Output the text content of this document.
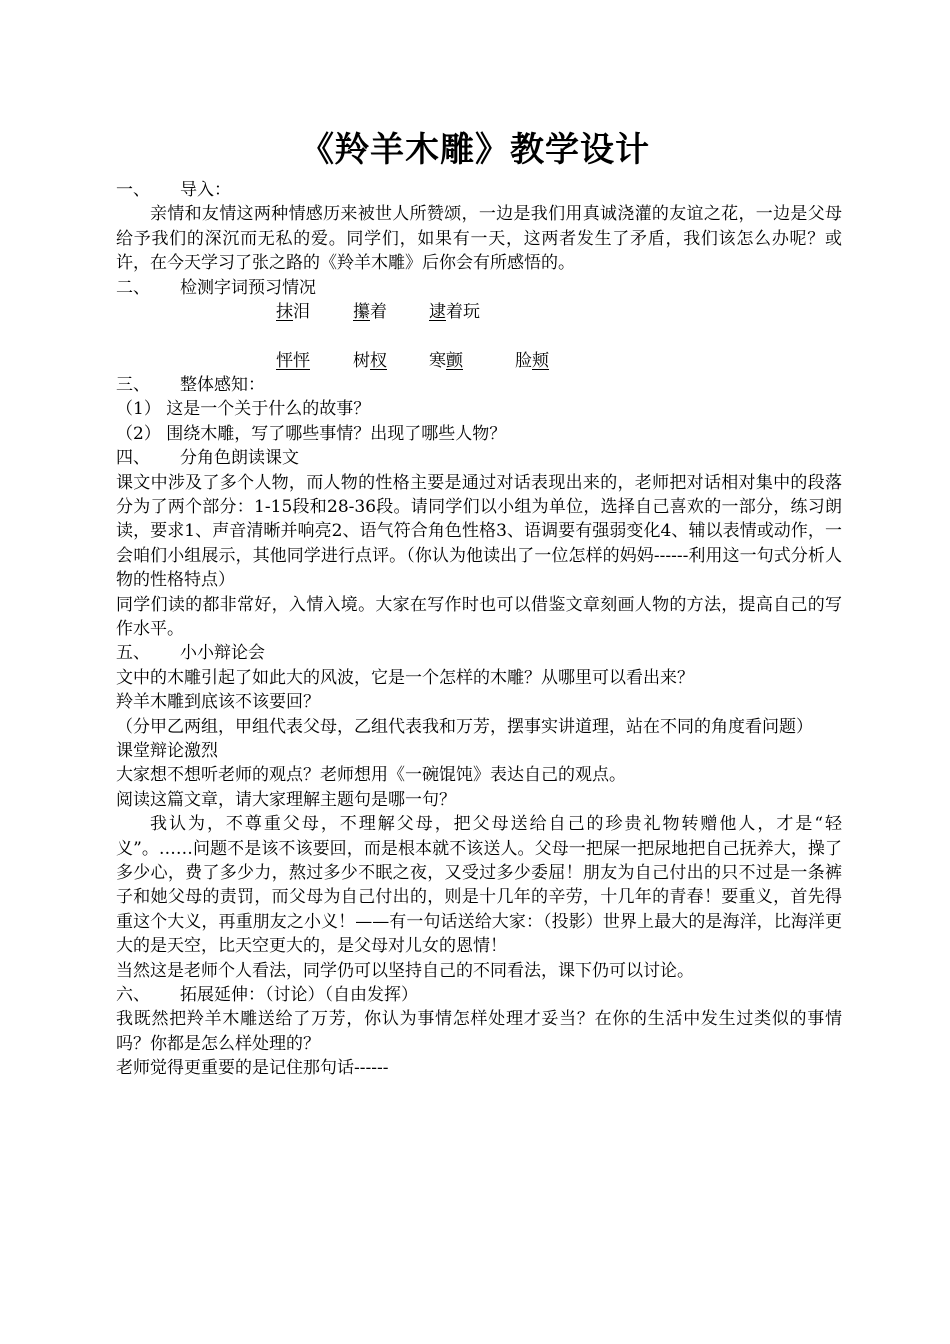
《羚羊木雕》教学设计
一、 导入：
亲情和友情这两种情感历来被世人所赞颂，一边是我们用真诚浇灌的友谊之花，一边是父母给予我们的深沉而无私的爱。同学们，如果有一天，这两者发生了矛盾，我们该怎么办呢？或许，在今天学习了张之路的《羚羊木雕》后你会有所感悟的。
二、 检测字词预习情况
抹泪	攥着 逮着玩
怦怦	树杈 寒颤	脸颊
三、 整体感知：
（1） 这是一个关于什么的故事？
（2） 围绕木雕，写了哪些事情？出现了哪些人物？
四、 分角色朗读课文
课文中涉及了多个人物，而人物的性格主要是通过对话表现出来的，老师把对话相对集中的段落分为了两个部分：1-15段和28-36段。请同学们以小组为单位，选择自己喜欢的一部分，练习朗读，要求1、声音清晰并响亮2、语气符合角色性格3、语调要有强弱变化4、辅以表情或动作，一会咱们小组展示，其他同学进行点评。（你认为他读出了一位怎样的妈妈------利用这一句式分析人物的性格特点）
同学们读的都非常好，入情入境。大家在写作时也可以借鉴文章刻画人物的方法，提高自己的写作水平。
五、 小小辩论会
文中的木雕引起了如此大的风波，它是一个怎样的木雕？从哪里可以看出来？
羚羊木雕到底该不该要回？
（分甲乙两组，甲组代表父母，乙组代表我和万芳，摆事实讲道理，站在不同的角度看问题）
课堂辩论激烈
大家想不想听老师的观点？老师想用《一碗馄饨》表达自己的观点。
阅读这篇文章，请大家理解主题句是哪一句？
我认为，不尊重父母，不理解父母，把父母送给自己的珍贵礼物转赠他人，才是“轻义”。……问题不是该不该要回，而是根本就不该送人。父母一把屎一把尿地把自己抚养大，操了多少心，费了多少力，熬过多少不眠之夜，又受过多少委屈！朋友为自己付出的只不过是一条裤子和她父母的责罚，而父母为自己付出的，则是十几年的辛劳，十几年的青春！要重义，首先得重这个大义，再重朋友之小义！——有一句话送给大家：（投影）世界上最大的是海洋，比海洋更大的是天空，比天空更大的，是父母对儿女的恩情！
当然这是老师个人看法，同学仍可以坚持自己的不同看法，课下仍可以讨论。
六、 拓展延伸：（讨论）（自由发挥）
我既然把羚羊木雕送给了万芳，你认为事情怎样处理才妥当？在你的生活中发生过类似的事情吗？你都是怎么样处理的？
老师觉得更重要的是记住那句话------
